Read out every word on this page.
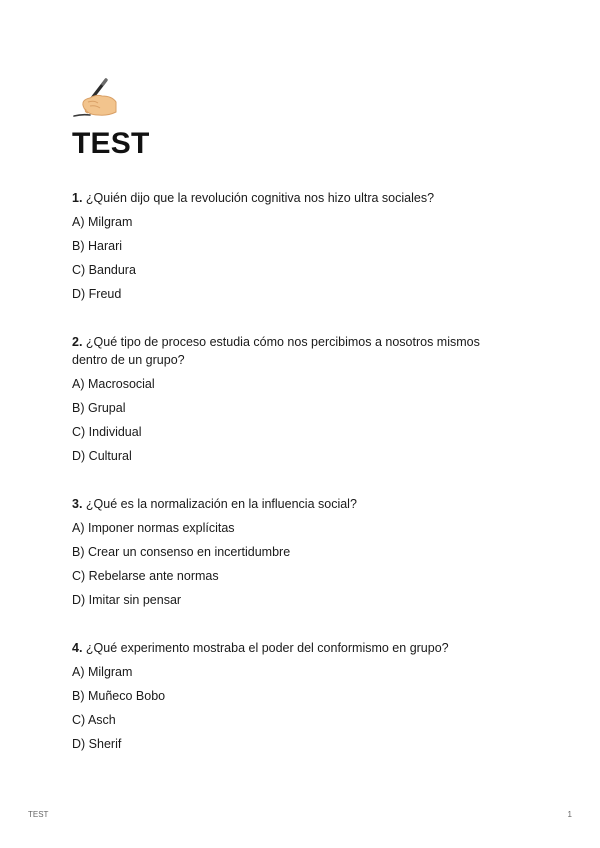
TEST
1. ¿Quién dijo que la revolución cognitiva nos hizo ultra sociales?
A) Milgram
B) Harari
C) Bandura
D) Freud
2. ¿Qué tipo de proceso estudia cómo nos percibimos a nosotros mismos dentro de un grupo?
A) Macrosocial
B) Grupal
C) Individual
D) Cultural
3. ¿Qué es la normalización en la influencia social?
A) Imponer normas explícitas
B) Crear un consenso en incertidumbre
C) Rebelarse ante normas
D) Imitar sin pensar
4. ¿Qué experimento mostraba el poder del conformismo en grupo?
A) Milgram
B) Muñeco Bobo
C) Asch
D) Sherif
TEST	1
